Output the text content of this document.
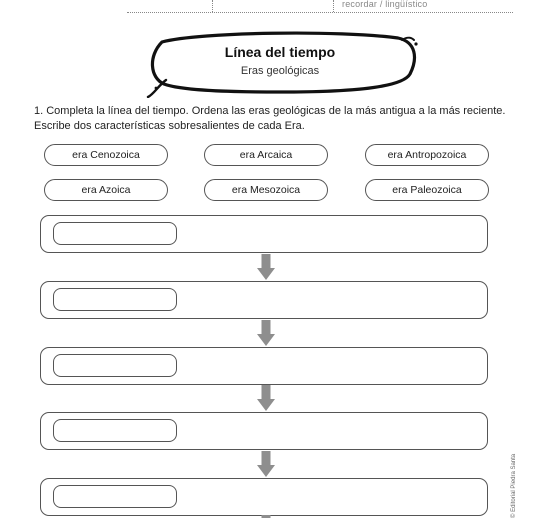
recordar / lingüístico
Línea del tiempo
Eras geológicas
1. Completa la línea del tiempo. Ordena las eras geológicas de la más antigua a la más reciente. Escribe dos características sobresalientes de cada Era.
era Cenozoica	era Arcaica	era Antropozoica
era Azoica	era Mesozoica	era Paleozoica
© Editorial Piedra Santa
